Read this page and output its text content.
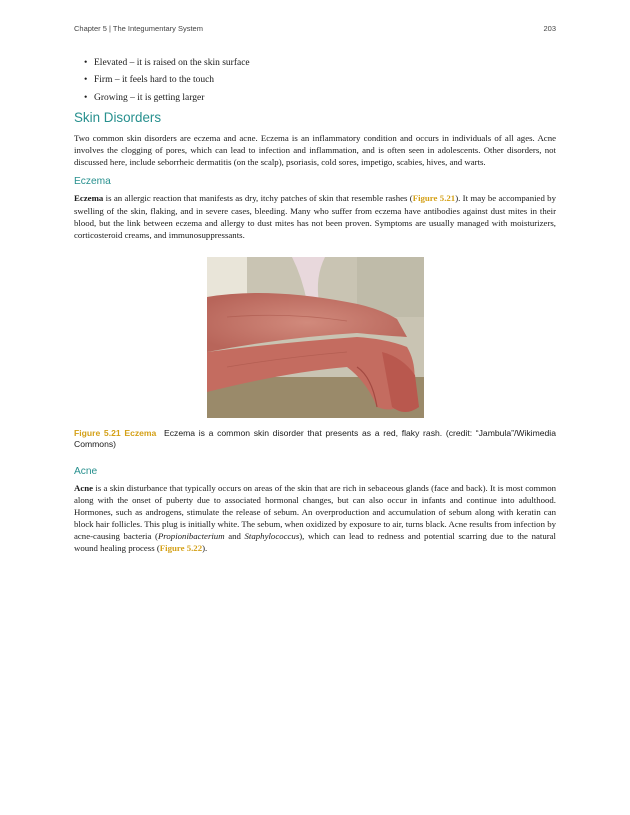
Chapter 5 | The Integumentary System	203
• Elevated – it is raised on the skin surface
• Firm – it feels hard to the touch
• Growing – it is getting larger
Skin Disorders

Two common skin disorders are eczema and acne. Eczema is an inflammatory condition and occurs in individuals of all ages. Acne involves the clogging of pores, which can lead to infection and inflammation, and is often seen in adolescents. Other disorders, not discussed here, include seborrheic dermatitis (on the scalp), psoriasis, cold sores, impetigo, scabies, hives, and warts.

Eczema

Eczema is an allergic reaction that manifests as dry, itchy patches of skin that resemble rashes (Figure 5.21). It may be accompanied by swelling of the skin, flaking, and in severe cases, bleeding. Many who suffer from eczema have antibodies against dust mites in their blood, but the link between eczema and allergy to dust mites has not been proven. Symptoms are usually managed with moisturizers, corticosteroid creams, and immunosuppressants.

Figure 5.21 Eczema Eczema is a common skin disorder that presents as a red, flaky rash. (credit: “Jambula”/Wikimedia Commons)
Acne

Acne is a skin disturbance that typically occurs on areas of the skin that are rich in sebaceous glands (face and back). It is most common along with the onset of puberty due to associated hormonal changes, but can also occur in infants and continue into adulthood. Hormones, such as androgens, stimulate the release of sebum. An overproduction and accumulation of sebum along with keratin can block hair follicles. This plug is initially white. The sebum, when oxidized by exposure to air, turns black. Acne results from infection by acne-causing bacteria (Propionibacterium and Staphylococcus), which can lead to redness and potential scarring due to the natural wound healing process (Figure 5.22).
